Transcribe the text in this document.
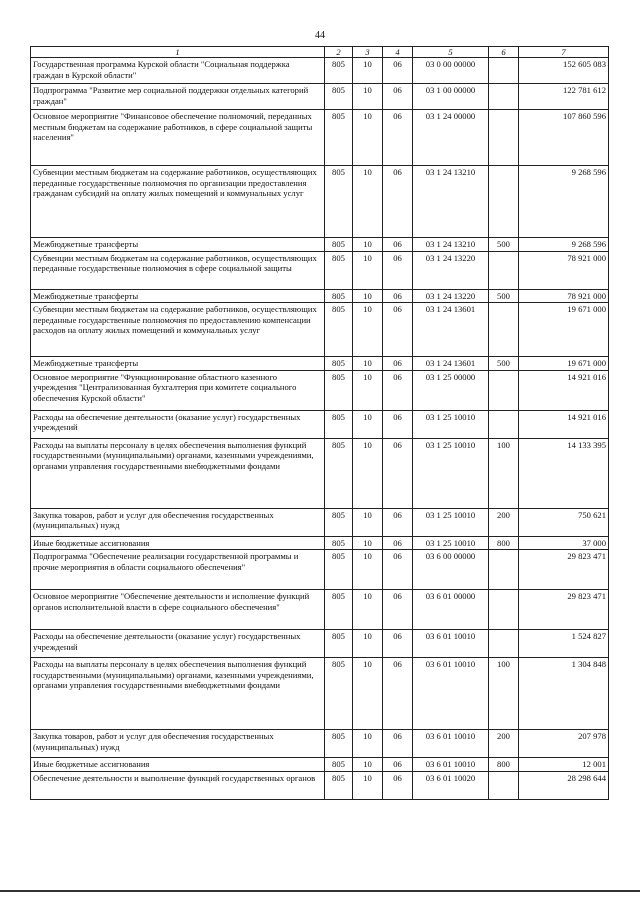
44
1	2	3	4	5	6	7
Государственная программа Курской области "Социальная поддержка граждан в Курской области"	805	10	06	03 0 00 00000		152 605 083
Подпрограмма "Развитие мер социальной поддержки отдельных категорий граждан"	805	10	06	03 1 00 00000		122 781 612
Основное мероприятие "Финансовое обеспечение полномочий, переданных местным бюджетам на содержание работников, в сфере социальной защиты населения"	805	10	06	03 1 24 00000		107 860 596
Субвенции местным бюджетам на содержание работников, осуществляющих переданные государственные полномочия по организации предоставления гражданам субсидий на оплату жилых помещений и коммунальных услуг	805	10	06	03 1 24 13210		9 268 596
Межбюджетные трансферты	805	10	06	03 1 24 13210	500	9 268 596
Субвенции местным бюджетам на содержание работников, осуществляющих переданные государственные полномочия в сфере социальной защиты	805	10	06	03 1 24 13220		78 921 000
Межбюджетные трансферты	805	10	06	03 1 24 13220	500	78 921 000
Субвенции местным бюджетам на содержание работников, осуществляющих переданные государственные полномочия по предоставлению компенсации расходов на оплату жилых помещений и коммунальных услуг	805	10	06	03 1 24 13601		19 671 000
Межбюджетные трансферты	805	10	06	03 1 24 13601	500	19 671 000
Основное мероприятие "Функционирование областного казенного учреждения "Централизованная бухгалтерия при комитете социального обеспечения Курской области"	805	10	06	03 1 25 00000		14 921 016
Расходы на обеспечение деятельности (оказание услуг) государственных учреждений	805	10	06	03 1 25 10010		14 921 016
Расходы на выплаты персоналу в целях обеспечения выполнения функций государственными (муниципальными) органами, казенными учреждениями, органами управления государственными внебюджетными фондами	805	10	06	03 1 25 10010	100	14 133 395
Закупка товаров, работ и услуг для обеспечения государственных (муниципальных) нужд	805	10	06	03 1 25 10010	200	750 621
Иные бюджетные ассигнования	805	10	06	03 1 25 10010	800	37 000
Подпрограмма "Обеспечение реализации государственной программы и прочие мероприятия в области социального обеспечения"	805	10	06	03 6 00 00000		29 823 471
Основное мероприятие "Обеспечение деятельности и исполнение функций органов исполнительной власти в сфере социального обеспечения"	805	10	06	03 6 01 00000		29 823 471
Расходы на обеспечение деятельности (оказание услуг) государственных учреждений	805	10	06	03 6 01 10010		1 524 827
Расходы на выплаты персоналу в целях обеспечения выполнения функций государственными (муниципальными) органами, казенными учреждениями, органами управления государственными внебюджетными фондами	805	10	06	03 6 01 10010	100	1 304 848
Закупка товаров, работ и услуг для обеспечения государственных (муниципальных) нужд	805	10	06	03 6 01 10010	200	207 978
Иные бюджетные ассигнования	805	10	06	03 6 01 10010	800	12 001
Обеспечение деятельности и выполнение функций государственных органов	805	10	06	03 6 01 10020		28 298 644
